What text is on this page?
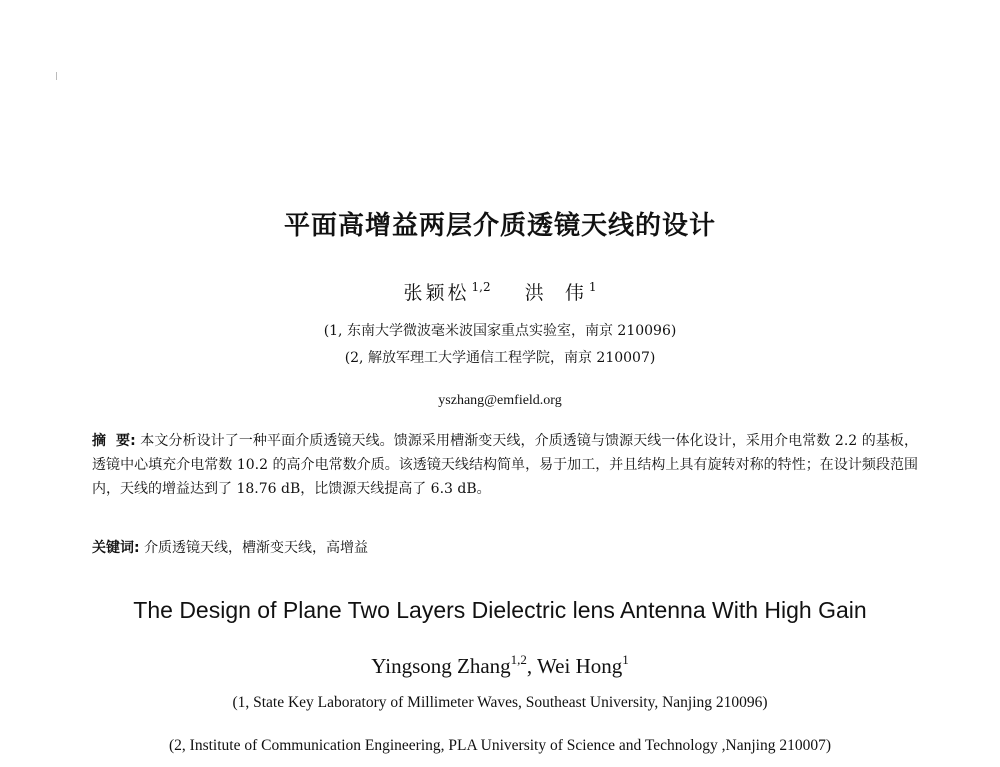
平面高增益两层介质透镜天线的设计
张颖松 $^{1,2}$ 洪  伟 $^1$
(1, 东南大学微波毫米波国家重点实验室，南京 210096)
(2, 解放军理工大学通信工程学院，南京 210007)
yszhang@emfield.org
摘  要: 本文分析设计了一种平面介质透镜天线。馈源采用槽渐变天线，介质透镜与馈源天线一体化设计，采用介电常数 2.2 的基板，透镜中心填充介电常数 10.2 的高介电常数介质。该透镜天线结构简单，易于加工，并且结构上具有旋转对称的特性；在设计频段范围内，天线的增益达到了 18.76 dB，比馈源天线提高了 6.3 dB。
关键词: 介质透镜天线，槽渐变天线，高增益
The Design of Plane Two Layers Dielectric lens Antenna With High Gain
Yingsong Zhang$^{1,2}$, Wei Hong$^1$
(1, State Key Laboratory of Millimeter Waves, Southeast University, Nanjing 210096)
(2, Institute of Communication Engineering, PLA University of Science and Technology ,Nanjing 210007)
